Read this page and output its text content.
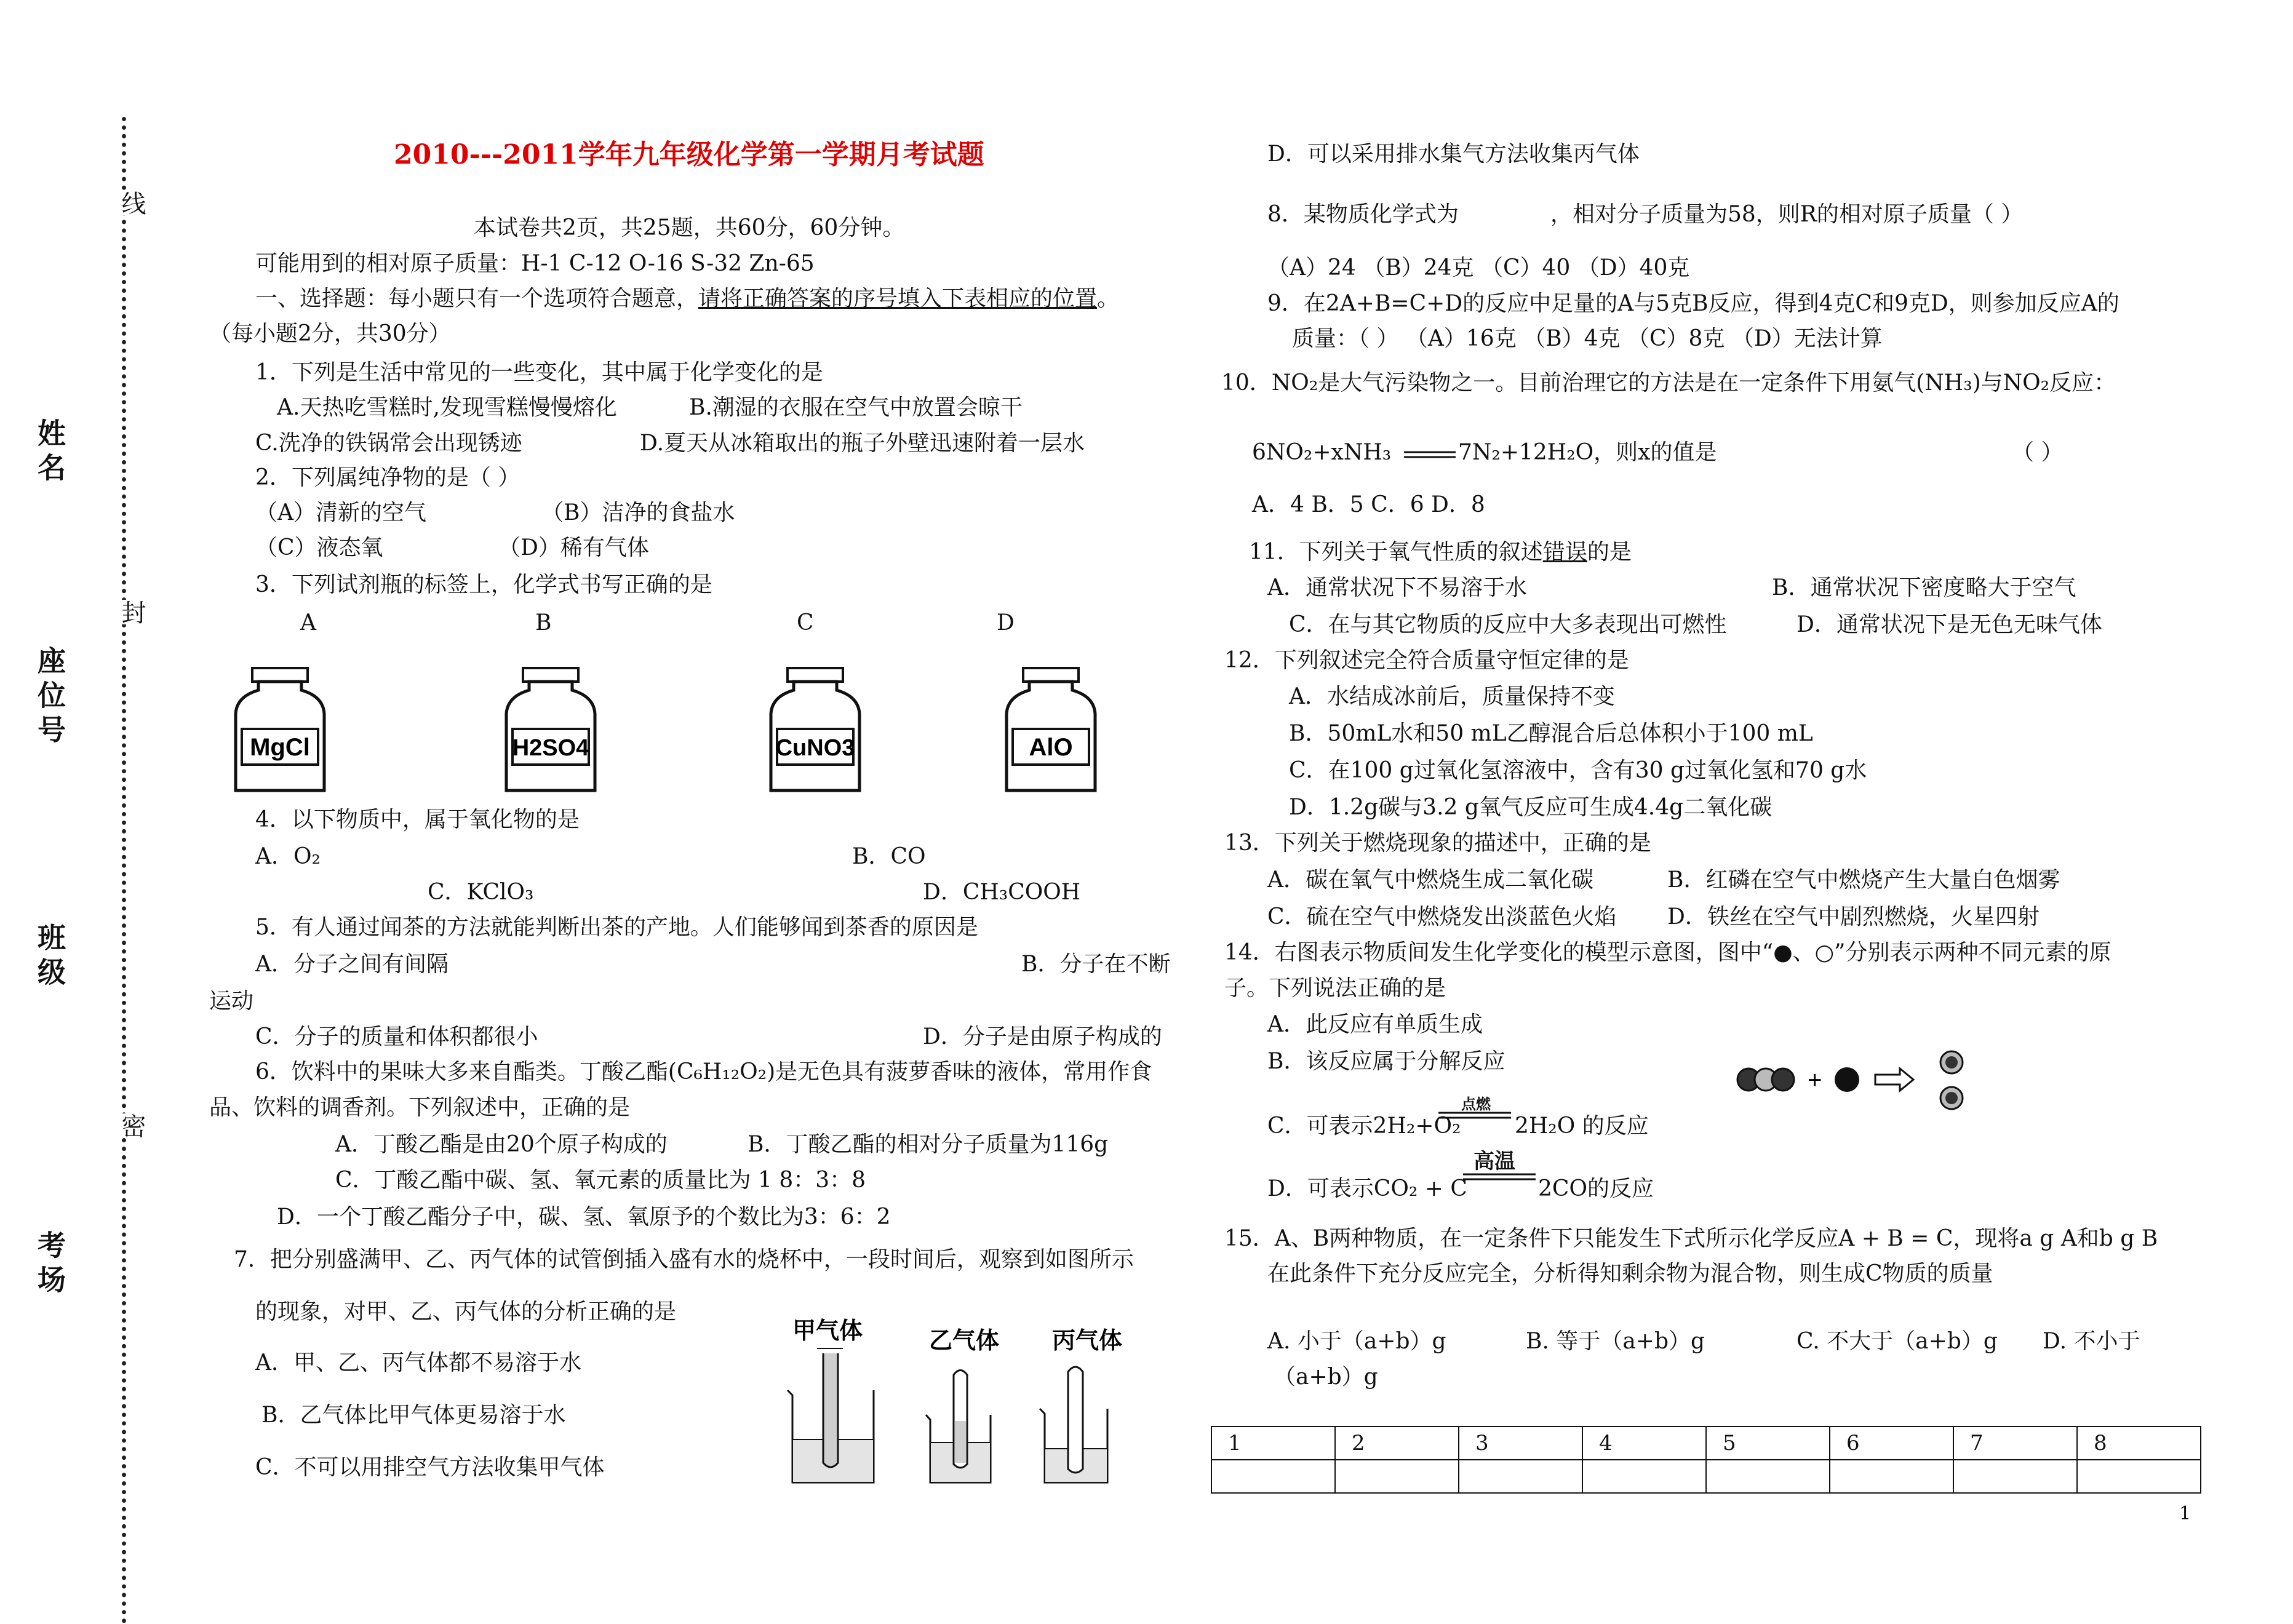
姓名
座位号
班级
考场
线
封
密
2010---2011学年九年级化学第一学期月考试题
本试卷共2页，共25题，共60分，60分钟。
可能用到的相对原子质量：H-1 C-12 O-16 S-32 Zn-65
一、选择题：每小题只有一个选项符合题意，请将正确答案的序号填入下表相应的位置。
（每小题2分，共30分）
1．下列是生活中常见的一些变化，其中属于化学变化的是
A.天热吃雪糕时,发现雪糕慢慢熔化	B.潮湿的衣服在空气中放置会晾干
C.洗净的铁锅常会出现锈迹	D.夏天从冰箱取出的瓶子外壁迅速附着一层水
2．下列属纯净物的是（ ）
（A）清新的空气	（B）洁净的食盐水
（C）液态氧	（D）稀有气体
3．下列试剂瓶的标签上，化学式书写正确的是
A	B	C	D
MgCl	H2SO4	CuNO3	AlO
4．以下物质中，属于氧化物的是
A．O₂	B．CO
C．KClO₃	D．CH₃COOH
5．有人通过闻茶的方法就能判断出茶的产地。人们能够闻到茶香的原因是
A．分子之间有间隔	B．分子在不断
运动
C．分子的质量和体积都很小	D．分子是由原子构成的
6．饮料中的果味大多来自酯类。丁酸乙酯(C₆H₁₂O₂)是无色具有菠萝香味的液体，常用作食
品、饮料的调香剂。下列叙述中，正确的是
A．丁酸乙酯是由20个原子构成的	B．丁酸乙酯的相对分子质量为116g
C．丁酸乙酯中碳、氢、氧元素的质量比为 1 8：3：8
D．一个丁酸乙酯分子中，碳、氢、氧原予的个数比为3：6：2
7．把分别盛满甲、乙、丙气体的试管倒插入盛有水的烧杯中，一段时间后，观察到如图所示
的现象，对甲、乙、丙气体的分析正确的是
A．甲、乙、丙气体都不易溶于水
B．乙气体比甲气体更易溶于水
C．不可以用排空气方法收集甲气体
甲气体	乙气体 丙气体
D．可以采用排水集气方法收集丙气体
8．某物质化学式为	，相对分子质量为58，则R的相对原子质量（ ）
（A）24 （B）24克 （C）40 （D）40克
9．在2A+B=C+D的反应中足量的A与5克B反应，得到4克C和9克D，则参加反应A的
质量：（ ） （A）16克 （B）4克 （C）8克 （D）无法计算
10．NO₂是大气污染物之一。目前治理它的方法是在一定条件下用氨气(NH₃)与NO₂反应：
6NO₂+xNH₃	7N₂+12H₂O，则x的值是	（ ）
A．4 B．5 C．6 D．8
11．下列关于氧气性质的叙述错误的是
A．通常状况下不易溶于水	B．通常状况下密度略大于空气
C．在与其它物质的反应中大多表现出可燃性	D．通常状况下是无色无味气体
12．下列叙述完全符合质量守恒定律的是
A．水结成冰前后，质量保持不变
B．50mL水和50 mL乙醇混合后总体积小于100 mL
C．在100 g过氧化氢溶液中，含有30 g过氧化氢和70 g水
D．1.2g碳与3.2 g氧气反应可生成4.4g二氧化碳
13．下列关于燃烧现象的描述中，正确的是
A．碳在氧气中燃烧生成二氧化碳	B．红磷在空气中燃烧产生大量白色烟雾
C．硫在空气中燃烧发出淡蓝色火焰 D．铁丝在空气中剧烈燃烧，火星四射
14．右图表示物质间发生化学变化的模型示意图，图中“●、○”分别表示两种不同元素的原
子。下列说法正确的是
A．此反应有单质生成
B．该反应属于分解反应
+
C．可表示2H₂+O₂
点燃
2H₂O 的反应
D．可表示CO₂ + C
高温
2CO的反应
15．A、B两种物质，在一定条件下只能发生下式所示化学反应A + B = C，现将a g A和b g B
在此条件下充分反应完全，分析得知剩余物为混合物，则生成C物质的质量
A. 小于（a+b）g	B. 等于（a+b）g	C. 不大于（a+b）g D. 不小于
（a+b）g
1	2	3	4	5	6	7	8

1
